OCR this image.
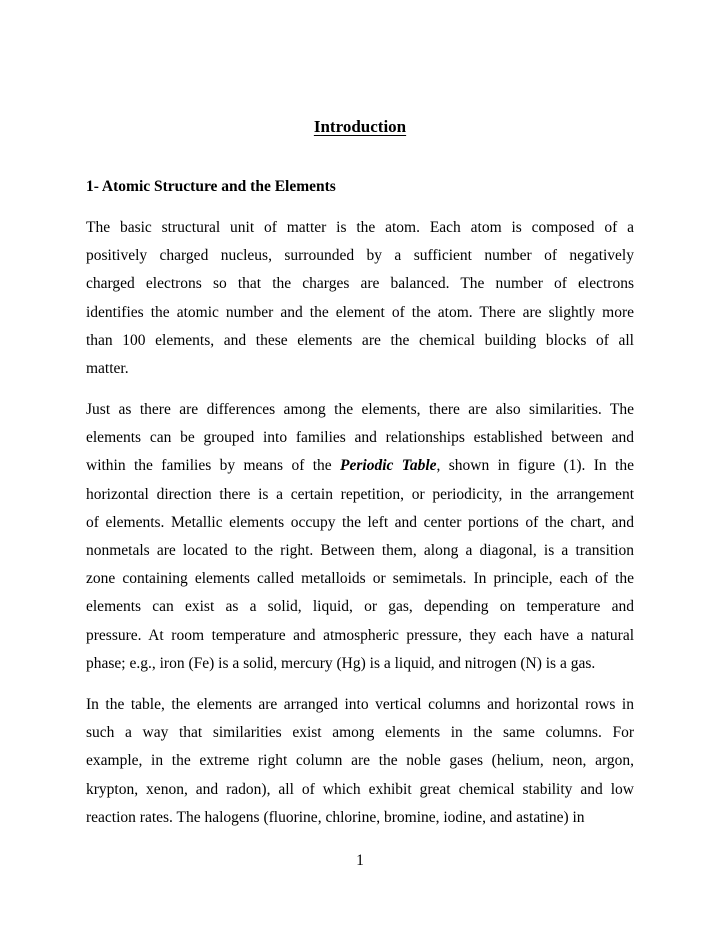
Introduction
1- Atomic Structure and the Elements

The basic structural unit of matter is the atom. Each atom is composed of a
positively charged nucleus, surrounded by a sufficient number of negatively
charged electrons so that the charges are balanced. The number of electrons
identifies the atomic number and the element of the atom. There are slightly more
than 100 elements, and these elements are the chemical building blocks of all
matter.

Just as there are differences among the elements, there are also similarities. The
elements can be grouped into families and relationships established between and
within the families by means of the Periodic Table, shown in figure (1). In the
horizontal direction there is a certain repetition, or periodicity, in the arrangement
of elements. Metallic elements occupy the left and center portions of the chart, and
nonmetals are located to the right. Between them, along a diagonal, is a transition
zone containing elements called metalloids or semimetals. In principle, each of the
elements can exist as a solid, liquid, or gas, depending on temperature and
pressure. At room temperature and atmospheric pressure, they each have a natural
phase; e.g., iron (Fe) is a solid, mercury (Hg) is a liquid, and nitrogen (N) is a gas.

In the table, the elements are arranged into vertical columns and horizontal rows in
such a way that similarities exist among elements in the same columns. For
example, in the extreme right column are the noble gases (helium, neon, argon,
krypton, xenon, and radon), all of which exhibit great chemical stability and low
reaction rates. The halogens (fluorine, chlorine, bromine, iodine, and astatine) in

1
